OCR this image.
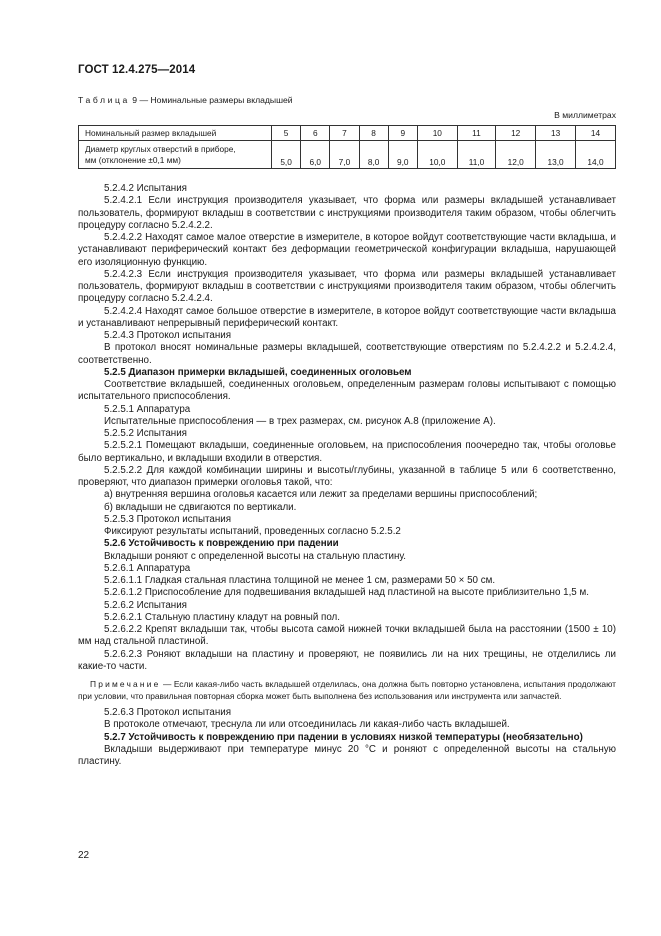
ГОСТ 12.4.275—2014
Таблица 9 — Номинальные размеры вкладышей
В миллиметрах
Номинальный размер вкладышей	5	6	7	8	9	10	11	12	13	14
Диаметр круглых отверстий в приборе,
мм (отклонение ±0,1 мм)	5,0	6,0	7,0	8,0	9,0	10,0	11,0	12,0	13,0	14,0

5.2.4.2 Испытания

5.2.4.2.1 Если инструкция производителя указывает, что форма или размеры вкладышей устанавливает пользователь, формируют вкладыш в соответствии с инструкциями производителя таким образом, чтобы облегчить процедуру согласно 5.2.4.2.2.

5.2.4.2.2 Находят самое малое отверстие в измерителе, в которое войдут соответствующие части вкладыша, и устанавливают периферический контакт без деформации геометрической конфигурации вкладыша, нарушающей его изоляционную функцию.

5.2.4.2.3 Если инструкция производителя указывает, что форма или размеры вкладышей устанавливает пользователь, формируют вкладыш в соответствии с инструкциями производителя таким образом, чтобы облегчить процедуру согласно 5.2.4.2.4.

5.2.4.2.4 Находят самое большое отверстие в измерителе, в которое войдут соответствующие части вкладыша и устанавливают непрерывный периферический контакт.

5.2.4.3 Протокол испытания

В протокол вносят номинальные размеры вкладышей, соответствующие отверстиям по 5.2.4.2.2 и 5.2.4.2.4, соответственно.

5.2.5 Диапазон примерки вкладышей, соединенных оголовьем

Соответствие вкладышей, соединенных оголовьем, определенным размерам головы испытывают с помощью испытательного приспособления.

5.2.5.1 Аппаратура

Испытательные приспособления — в трех размерах, см. рисунок А.8 (приложение А).

5.2.5.2 Испытания

5.2.5.2.1 Помещают вкладыши, соединенные оголовьем, на приспособления поочередно так, чтобы оголовье было вертикально, и вкладыши входили в отверстия.

5.2.5.2.2 Для каждой комбинации ширины и высоты/глубины, указанной в таблице 5 или 6 соответственно, проверяют, что диапазон примерки оголовья такой, что:

а) внутренняя вершина оголовья касается или лежит за пределами вершины приспособлений;

б) вкладыши не сдвигаются по вертикали.

5.2.5.3 Протокол испытания

Фиксируют результаты испытаний, проведенных согласно 5.2.5.2

5.2.6 Устойчивость к повреждению при падении

Вкладыши роняют с определенной высоты на стальную пластину.

5.2.6.1 Аппаратура

5.2.6.1.1 Гладкая стальная пластина толщиной не менее 1 см, размерами 50 × 50 см.

5.2.6.1.2 Приспособление для подвешивания вкладышей над пластиной на высоте приблизительно 1,5 м.

5.2.6.2 Испытания

5.2.6.2.1 Стальную пластину кладут на ровный пол.

5.2.6.2.2 Крепят вкладыши так, чтобы высота самой нижней точки вкладышей была на расстоянии (1500 ± 10) мм над стальной пластиной.

5.2.6.2.3 Роняют вкладыши на пластину и проверяют, не появились ли на них трещины, не отделились ли какие-то части.

Примечание — Если какая-либо часть вкладышей отделилась, она должна быть повторно установлена, испытания продолжают при условии, что правильная повторная сборка может быть выполнена без использования или инструмента или запчастей.

5.2.6.3 Протокол испытания

В протоколе отмечают, треснула ли или отсоединилась ли какая-либо часть вкладышей.

5.2.7 Устойчивость к повреждению при падении в условиях низкой температуры (необязательно)

Вкладыши выдерживают при температуре минус 20 °С и роняют с определенной высоты на стальную пластину.

22
